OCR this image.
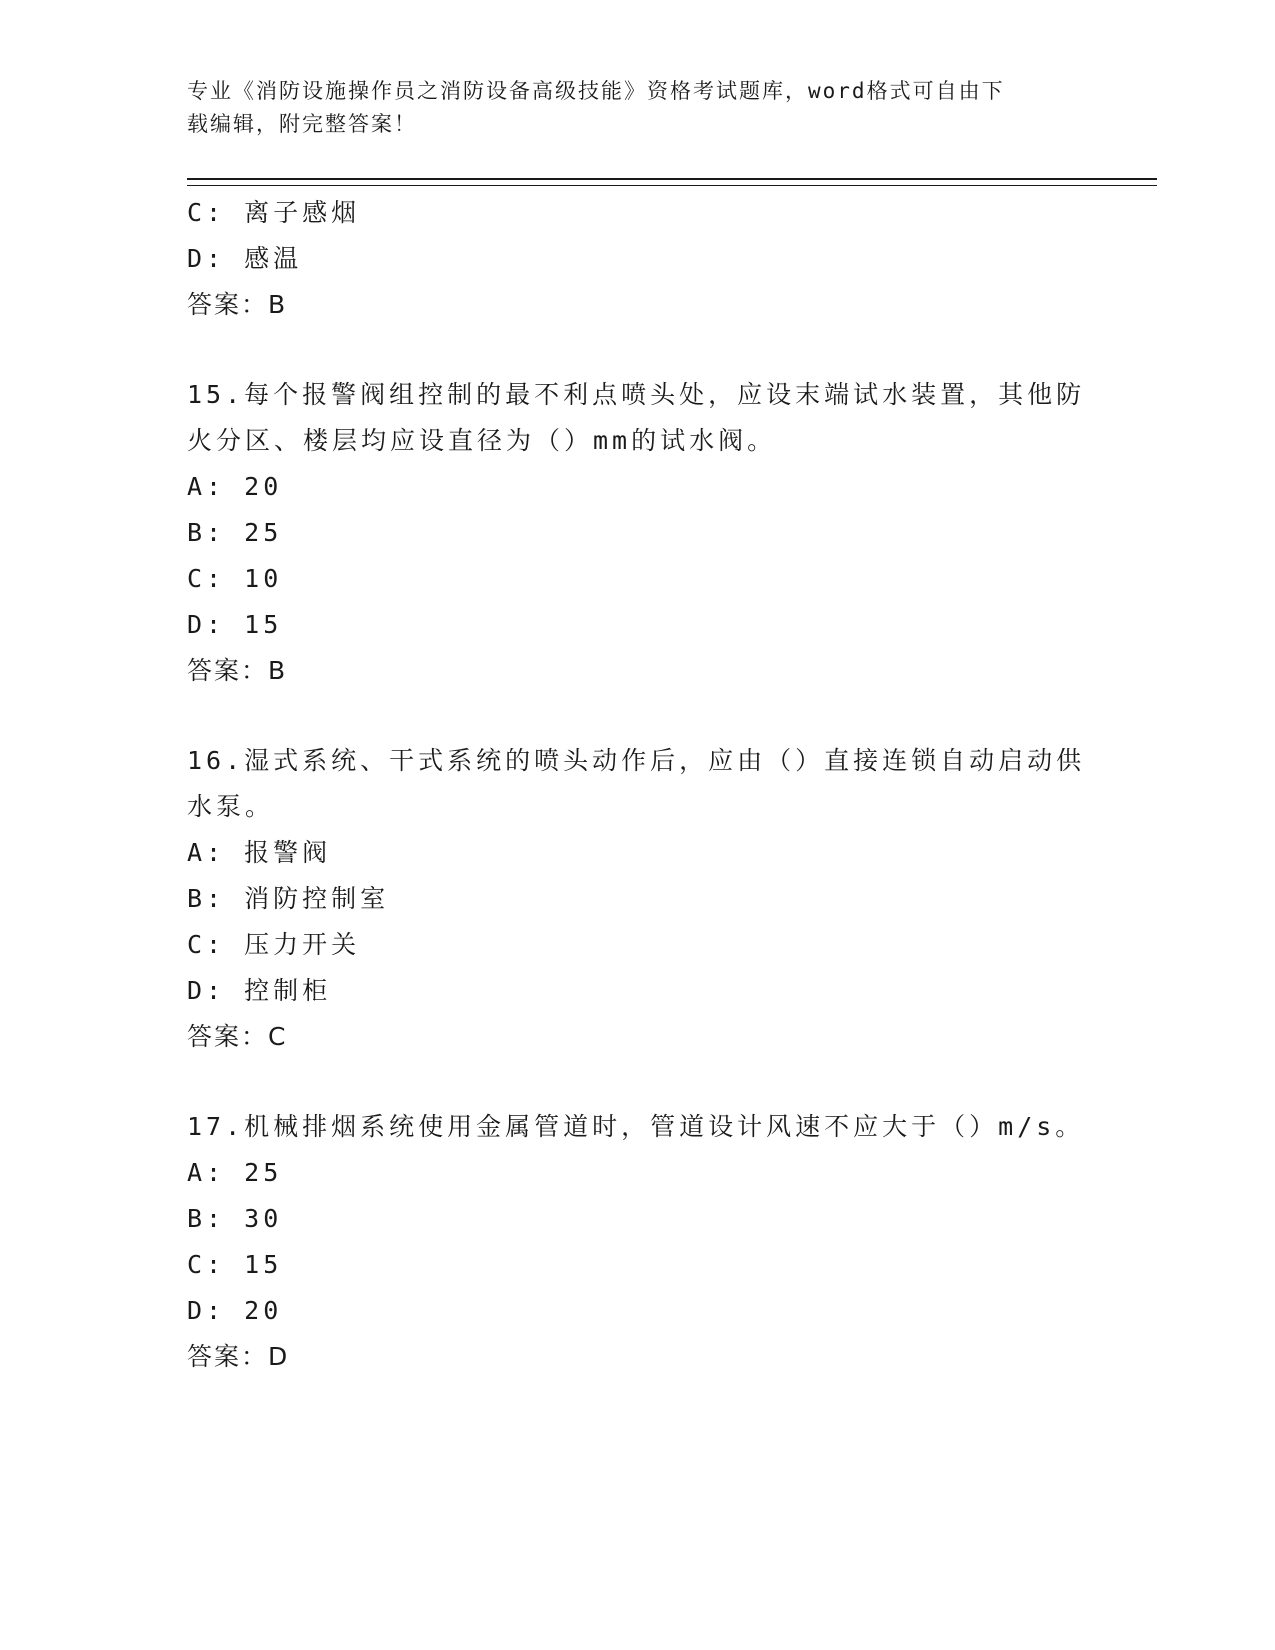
专业《消防设施操作员之消防设备高级技能》资格考试题库，word格式可自由下
载编辑，附完整答案！
C: 离子感烟
D: 感温
答案：B
15.每个报警阀组控制的最不利点喷头处，应设末端试水装置，其他防
火分区、楼层均应设直径为（）mm的试水阀。
A: 20
B: 25
C: 10
D: 15
答案：B
16.湿式系统、干式系统的喷头动作后，应由（）直接连锁自动启动供
水泵。
A: 报警阀
B: 消防控制室
C: 压力开关
D: 控制柜
答案：C
17.机械排烟系统使用金属管道时，管道设计风速不应大于（）m/s。
A: 25
B: 30
C: 15
D: 20
答案：D
